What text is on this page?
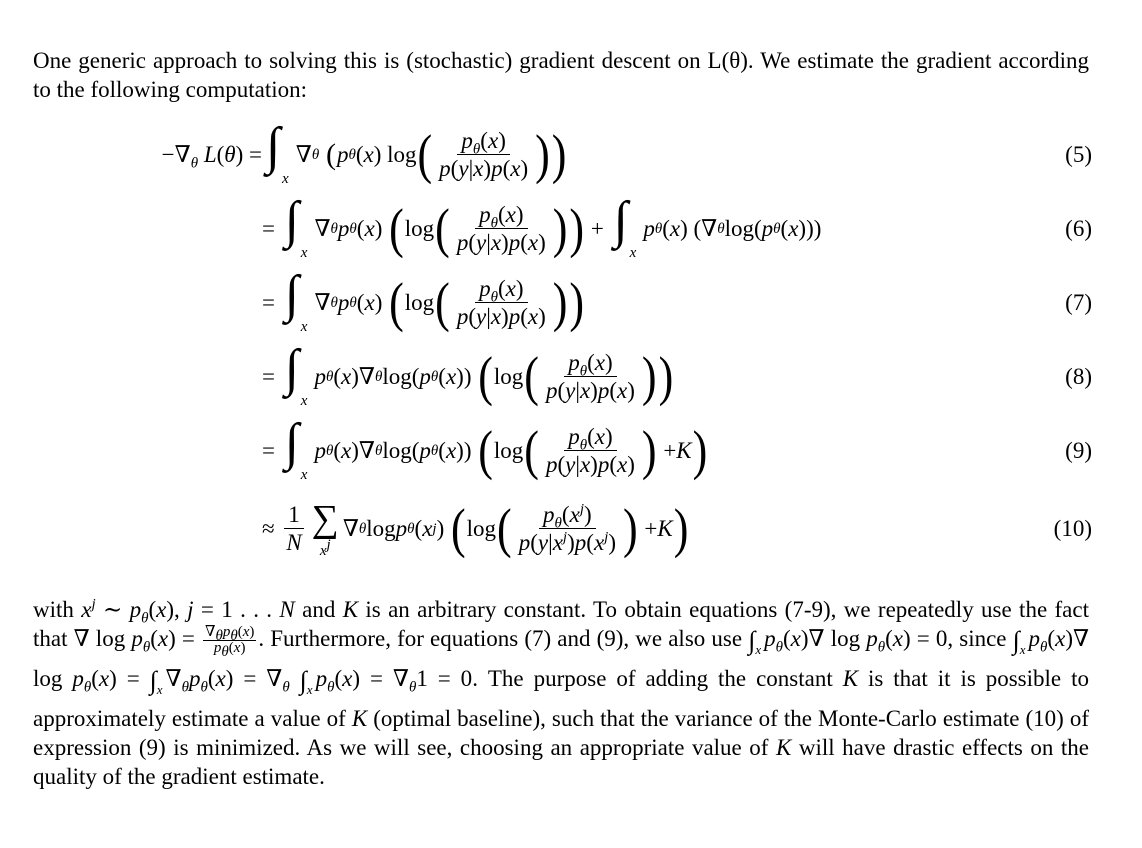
One generic approach to solving this is (stochastic) gradient descent on L(θ). We estimate the gradient according to the following computation:
$-\nabla_\theta$ L(θ) = ∫
x
∇ θ
( p θ ( x ) log ( $\frac{p_\theta(x)}{p(y|x)p(x)}$ ) )	(5)
= ∫
x
∇ θ p θ ( x ) ( log ( $\frac{p_\theta(x)}{p(y|x)p(x)}$ ) ) + ∫
x

p θ ( x ) (∇ θ log( p θ ( x )))	(6)
= ∫
x
∇ θ p θ ( x ) ( log ( $\frac{p_\theta(x)}{p(y|x)p(x)}$ ) )	(7)
= ∫
x

p θ ( x )∇ θ log( p θ ( x )) ( log ( $\frac{p_\theta(x)}{p(y|x)p(x)}$ ) )	(8)
= ∫
x

p θ ( x )∇ θ log( p θ ( x )) ( log ( $\frac{p_\theta(x)}{p(y|x)p(x)}$ ) + K )	(9)
≈ $\frac{1}{N}$ ∑
$x^j$
∇ θ log p θ ( x j ) ( log ( $\frac{p_\theta(x^j)}{p(y|x^j)p(x^j)}$ ) + K )	(10)
with $x^j$ ∼ $p_\theta(x)$, j = 1 . . . N and K is an arbitrary constant. To obtain equations (7-9), we repeatedly use the fact that ∇ $\log p_\theta(x) = \frac{\nabla_\theta p_\theta(x)}{p_\theta(x)}$ . Furthermore, for equations (7) and (9), we also use $\int_x$ $p_\theta(x)\nabla$ $\log p_\theta(x) = 0$, since $\int_x$ $p_\theta(x)\nabla$ $\log p_\theta(x) = \int_x$ $\nabla_\theta p_\theta(x) = \nabla_\theta$ $\int_x$ $p_\theta(x) = \nabla_\theta 1 = 0$. The purpose of adding the constant K is that it is possible to approximately estimate a value of K (optimal baseline), such that the variance of the Monte-Carlo estimate (10) of expression (9) is minimized. As we will see, choosing an appropriate value of K will have drastic effects on the quality of the gradient estimate.
